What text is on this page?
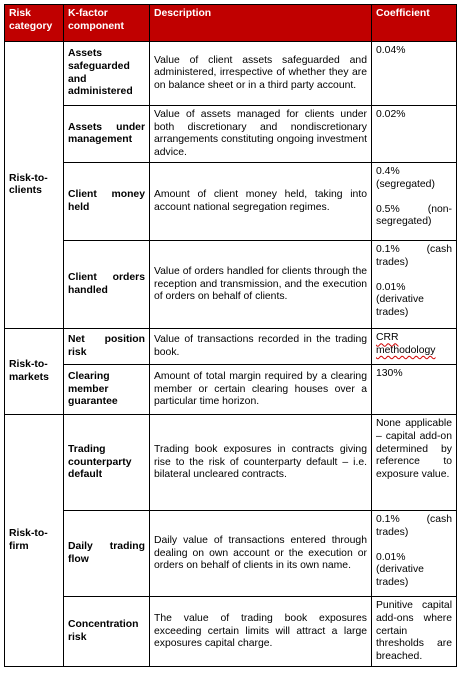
Risk category	K-factor component	Description	Coefficient
Risk-to-clients	Assets safeguarded and administered	Value of client assets safeguarded and administered, irrespective of whether they are on balance sheet or in a third party account.	0.04%

	Assets under management	Value of assets managed for clients under both discretionary and nondiscretionary arrangements constituting ongoing investment advice.	0.02%

	Client money held	Amount of client money held, taking into account national segregation regimes.	0.4% (segregated)
0.5% (non-segregated)

	Client orders handled	Value of orders handled for clients through the reception and transmission, and the execution of orders on behalf of clients.	0.1% (cash trades)
0.01% (derivative trades)

Risk-to-markets	Net position risk	Value of transactions recorded in the trading book.	CRR methodology

	Clearing member guarantee	Amount of total margin required by a clearing member or certain clearing houses over a particular time horizon.	130%

Risk-to-firm	Trading counterparty default	Trading book exposures in contracts giving rise to the risk of counterparty default – i.e. bilateral uncleared contracts.	None applicable – capital add-on determined by reference to exposure value.

	Daily trading flow	Daily value of transactions entered through dealing on own account or the execution or orders on behalf of clients in its own name.	0.1% (cash trades)
0.01% (derivative trades)

	Concentration risk	The value of trading book exposures exceeding certain limits will attract a large exposures capital charge.	Punitive capital add-ons where certain thresholds are breached.
